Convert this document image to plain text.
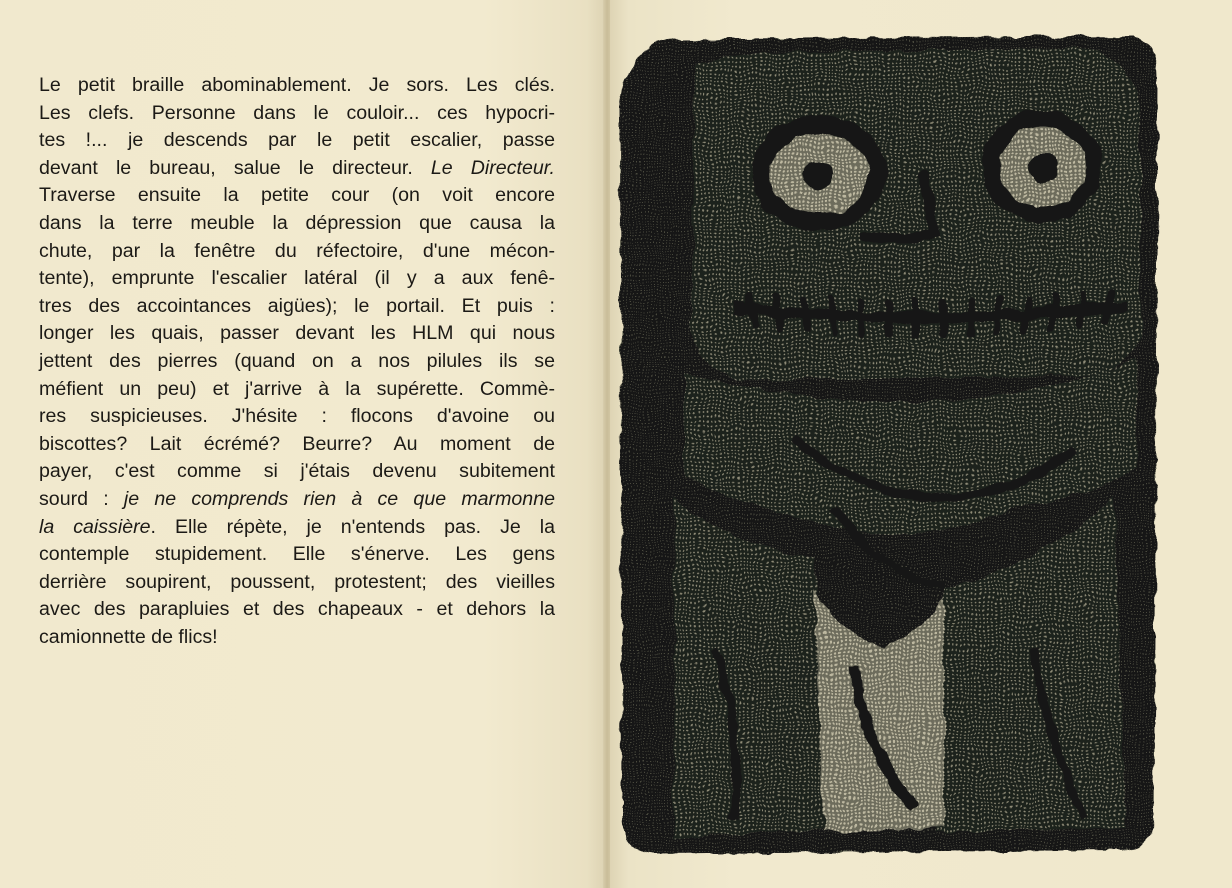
Le petit braille abominablement. Je sors. Les clés.
Les clefs. Personne dans le couloir... ces hypocri-
tes !... je descends par le petit escalier, passe
devant le bureau, salue le directeur. Le Directeur.
Traverse ensuite la petite cour (on voit encore
dans la terre meuble la dépression que causa la
chute, par la fenêtre du réfectoire, d'une mécon-
tente), emprunte l'escalier latéral (il y a aux fenê-
tres des accointances aigües); le portail. Et puis :
longer les quais, passer devant les HLM qui nous
jettent des pierres (quand on a nos pilules ils se
méfient un peu) et j'arrive à la supérette. Commè-
res suspicieuses. J'hésite : flocons d'avoine ou
biscottes? Lait écrémé? Beurre? Au moment de
payer, c'est comme si j'étais devenu subitement
sourd : je ne comprends rien à ce que marmonne
la caissière. Elle répète, je n'entends pas. Je la
contemple stupidement. Elle s'énerve. Les gens
derrière soupirent, poussent, protestent; des vieilles
avec des parapluies et des chapeaux - et dehors la
camionnette de flics!
